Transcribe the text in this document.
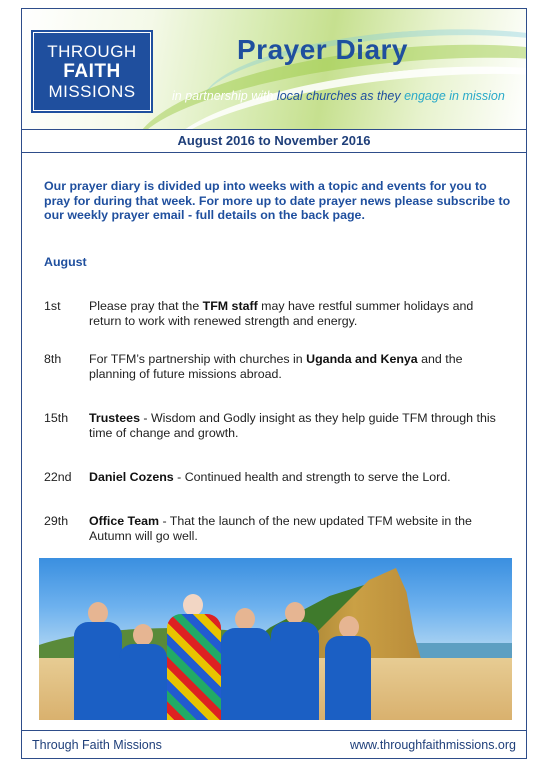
THROUGH
FAITH
MISSIONS
Prayer Diary
in partnership with local churches as they engage in mission
August 2016 to November 2016
Our prayer diary is divided up into weeks with a topic and events for you to pray for during that week. For more up to date prayer news please subscribe to our weekly prayer email - full details on the back page.
August
1st Please pray that the TFM staff may have restful summer holidays and return to work with renewed strength and energy.
8th For TFM’s partnership with churches in Uganda and Kenya and the planning of future missions abroad.
15th Trustees - Wisdom and Godly insight as they help guide TFM through this time of change and growth.
22nd Daniel Cozens - Continued health and strength to serve the Lord.
29th Office Team - That the launch of the new updated TFM website in the Autumn will go well.
Through Faith Missions	www.throughfaithmissions.org
